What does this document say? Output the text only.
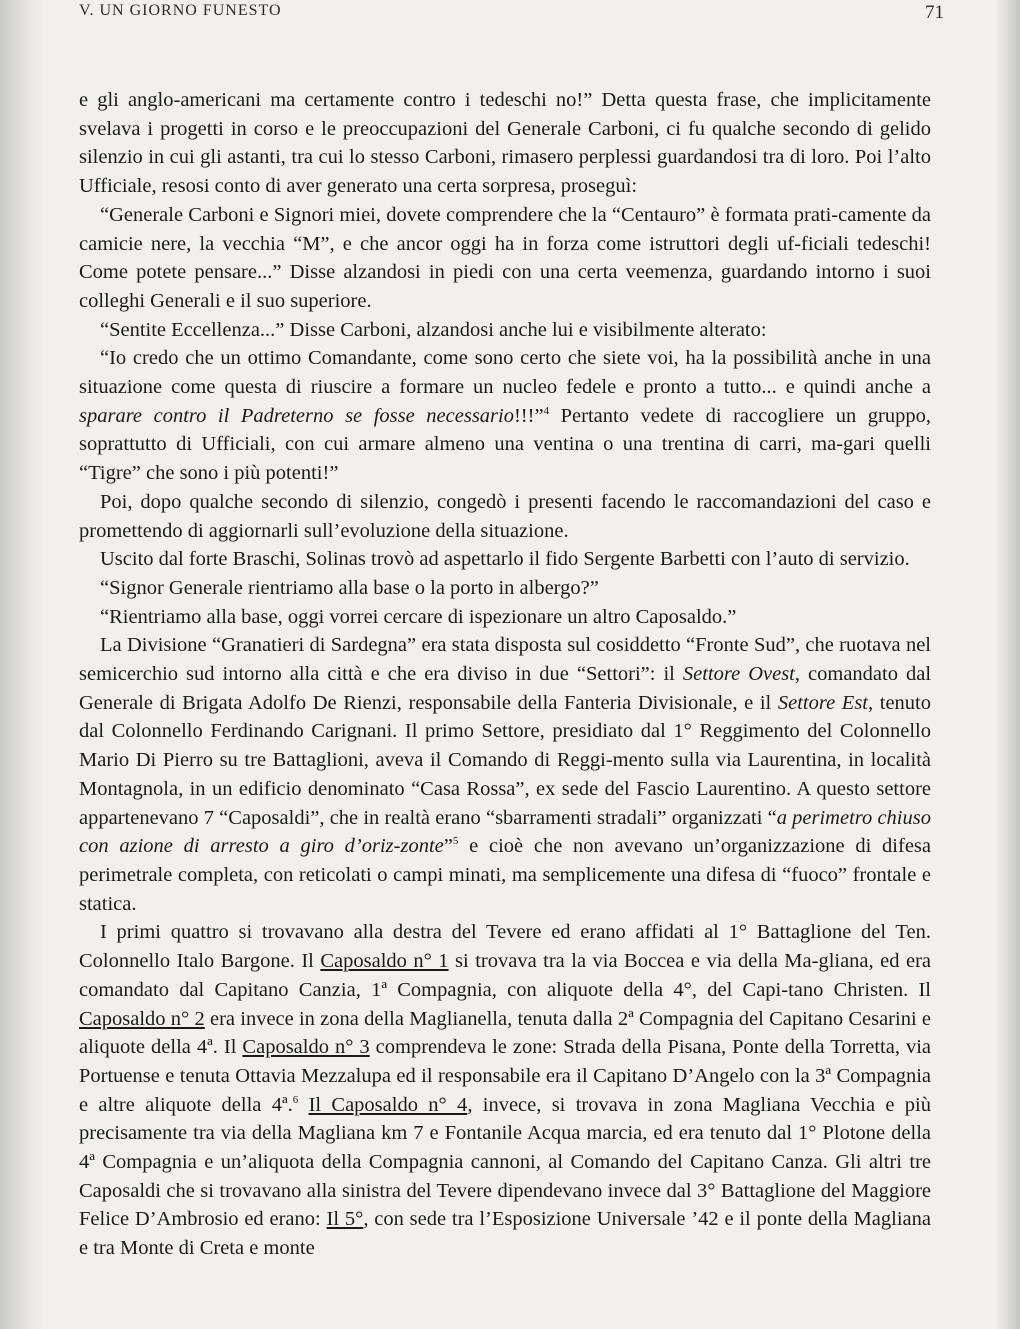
V. UN GIORNO FUNESTO	71

e gli anglo-americani ma certamente contro i tedeschi no!” Detta questa frase, che implicitamente svelava i progetti in corso e le preoccupazioni del Generale Carboni, ci fu qualche secondo di gelido silenzio in cui gli astanti, tra cui lo stesso Carboni, rimasero perplessi guardandosi tra di loro. Poi l’alto Ufficiale, resosi conto di aver generato una certa sorpresa, proseguì:

“Generale Carboni e Signori miei, dovete comprendere che la “Centauro” è formata prati-camente da camicie nere, la vecchia “M”, e che ancor oggi ha in forza come istruttori degli uf-ficiali tedeschi! Come potete pensare...” Disse alzandosi in piedi con una certa veemenza, guardando intorno i suoi colleghi Generali e il suo superiore.

“Sentite Eccellenza...” Disse Carboni, alzandosi anche lui e visibilmente alterato:

“Io credo che un ottimo Comandante, come sono certo che siete voi, ha la possibilità anche in una situazione come questa di riuscire a formare un nucleo fedele e pronto a tutto... e quindi anche a sparare contro il Padreterno se fosse necessario!!!”$^4$ Pertanto vedete di raccogliere un gruppo, soprattutto di Ufficiali, con cui armare almeno una ventina o una trentina di carri, ma-gari quelli “Tigre” che sono i più potenti!”

Poi, dopo qualche secondo di silenzio, congedò i presenti facendo le raccomandazioni del caso e promettendo di aggiornarli sull’evoluzione della situazione.

Uscito dal forte Braschi, Solinas trovò ad aspettarlo il fido Sergente Barbetti con l’auto di servizio.

“Signor Generale rientriamo alla base o la porto in albergo?”

“Rientriamo alla base, oggi vorrei cercare di ispezionare un altro Caposaldo.”

La Divisione “Granatieri di Sardegna” era stata disposta sul cosiddetto “Fronte Sud”, che ruotava nel semicerchio sud intorno alla città e che era diviso in due “Settori”: il Settore Ovest, comandato dal Generale di Brigata Adolfo De Rienzi, responsabile della Fanteria Divisionale, e il Settore Est, tenuto dal Colonnello Ferdinando Carignani. Il primo Settore, presidiato dal 1° Reggimento del Colonnello Mario Di Pierro su tre Battaglioni, aveva il Comando di Reggi-mento sulla via Laurentina, in località Montagnola, in un edificio denominato “Casa Rossa”, ex sede del Fascio Laurentino. A questo settore appartenevano 7 “Caposaldi”, che in realtà erano “sbarramenti stradali” organizzati “a perimetro chiuso con azione di arresto a giro d’oriz-zonte”$^5$ e cioè che non avevano un’organizzazione di difesa perimetrale completa, con reticolati o campi minati, ma semplicemente una difesa di “fuoco” frontale e statica.

I primi quattro si trovavano alla destra del Tevere ed erano affidati al 1° Battaglione del Ten. Colonnello Italo Bargone. Il Caposaldo n° 1 si trovava tra la via Boccea e via della Ma-gliana, ed era comandato dal Capitano Canzia, 1ª Compagnia, con aliquote della 4°, del Capi-tano Christen. Il Caposaldo n° 2 era invece in zona della Maglianella, tenuta dalla 2ª Compagnia del Capitano Cesarini e aliquote della 4ª. Il Caposaldo n° 3 comprendeva le zone: Strada della Pisana, Ponte della Torretta, via Portuense e tenuta Ottavia Mezzalupa ed il responsabile era il Capitano D’Angelo con la 3ª Compagnia e altre aliquote della 4ª.$^6$ Il Caposaldo n° 4, invece, si trovava in zona Magliana Vecchia e più precisamente tra via della Magliana km 7 e Fontanile Acqua marcia, ed era tenuto dal 1° Plotone della 4ª Compagnia e un’aliquota della Compagnia cannoni, al Comando del Capitano Canza. Gli altri tre Caposaldi che si trovavano alla sinistra del Tevere dipendevano invece dal 3° Battaglione del Maggiore Felice D’Ambrosio ed erano: Il 5°, con sede tra l’Esposizione Universale ’42 e il ponte della Magliana e tra Monte di Creta e monte
